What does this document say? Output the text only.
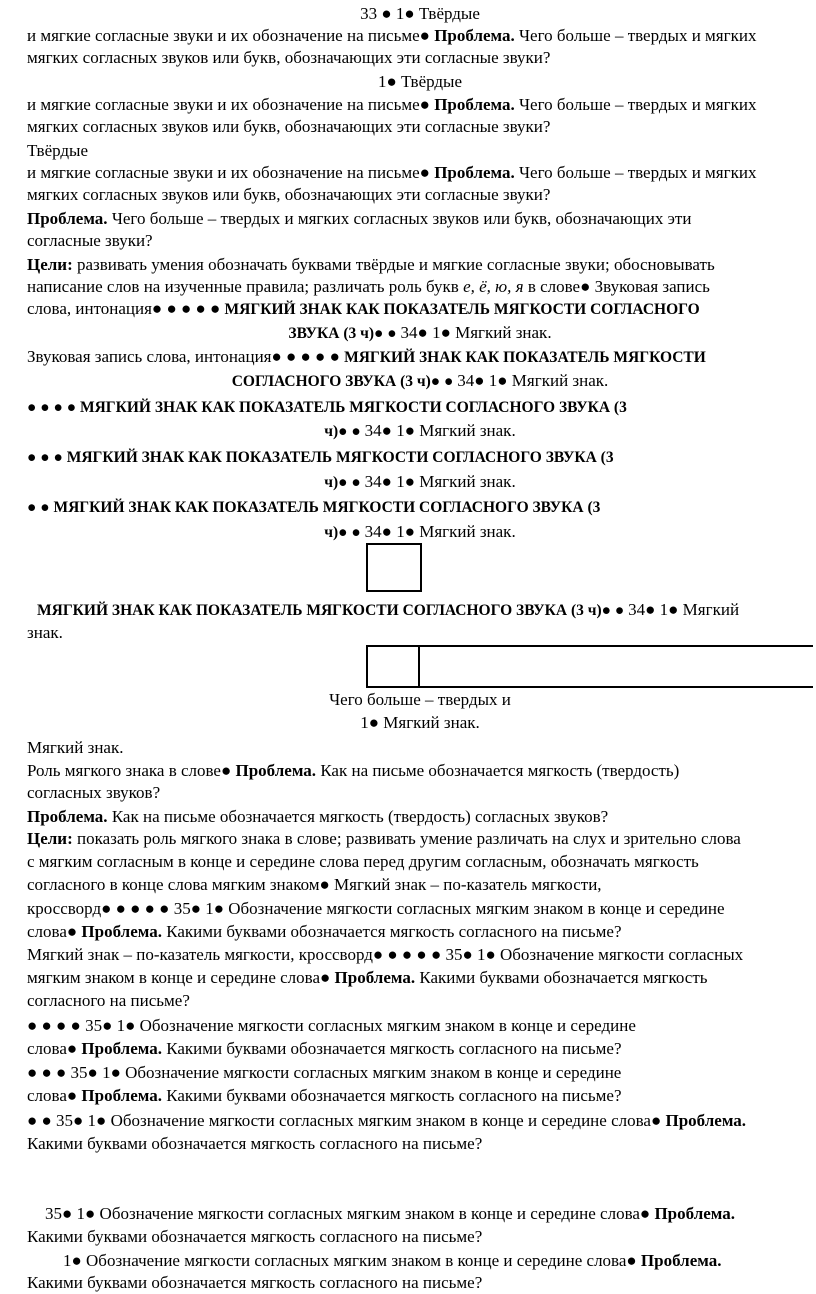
33 ● 1● Твёрдые
и мягкие согласные звуки и их обозначение на письме● Проблема. Чего больше – твердых и мягких
мягких согласных звуков или букв, обозначающих эти согласные звуки?
1● Твёрдые
и мягкие согласные звуки и их обозначение на письме● Проблема. Чего больше – твердых и мягких
мягких согласных звуков или букв, обозначающих эти согласные звуки?
Твёрдые
и мягкие согласные звуки и их обозначение на письме● Проблема. Чего больше – твердых и мягких
мягких согласных звуков или букв, обозначающих эти согласные звуки?
Проблема. Чего больше – твердых и мягких согласных звуков или букв, обозначающих эти
согласные звуки?
Цели: развивать умения обозначать буквами твёрдые и мягкие согласные звуки; обосновывать
написание слов на изученные правила; различать роль букв е, ё, ю, я в слове● Звуковая запись
слова, интонация● ● ● ● ● МЯГКИЙ ЗНАК КАК ПОКАЗАТЕЛЬ МЯГКОСТИ СОГЛАСНОГО
ЗВУКА (3 ч)● ● 34● 1● Мягкий знак.
Звуковая запись слова, интонация● ● ● ● ● МЯГКИЙ ЗНАК КАК ПОКАЗАТЕЛЬ МЯГКОСТИ
СОГЛАСНОГО ЗВУКА (3 ч)● ● 34● 1● Мягкий знак.
● ● ● ● МЯГКИЙ ЗНАК КАК ПОКАЗАТЕЛЬ МЯГКОСТИ СОГЛАСНОГО ЗВУКА (3
ч)● ● 34● 1● Мягкий знак.
● ● ● МЯГКИЙ ЗНАК КАК ПОКАЗАТЕЛЬ МЯГКОСТИ СОГЛАСНОГО ЗВУКА (3
ч)● ● 34● 1● Мягкий знак.
● ● МЯГКИЙ ЗНАК КАК ПОКАЗАТЕЛЬ МЯГКОСТИ СОГЛАСНОГО ЗВУКА (3
ч)● ● 34● 1● Мягкий знак.
МЯГКИЙ ЗНАК КАК ПОКАЗАТЕЛЬ МЯГКОСТИ СОГЛАСНОГО ЗВУКА (3 ч)● ● 34● 1● Мягкий
знак.
Чего больше – твердых и
1● Мягкий знак.
Мягкий знак.
Роль мягкого знака в слове● Проблема. Как на письме обозначается мягкость (твердость)
согласных звуков?
Проблема. Как на письме обозначается мягкость (твердость) согласных звуков?
Цели: показать роль мягкого знака в слове; развивать умение различать на слух и зрительно слова
с мягким согласным в конце и середине слова перед другим согласным, обозначать мягкость
согласного в конце слова мягким знаком● Мягкий знак – по-казатель мягкости,
кроссворд● ● ● ● ● 35● 1● Обозначение мягкости согласных мягким знаком в конце и середине
слова● Проблема. Какими буквами обозначается мягкость согласного на письме?
Мягкий знак – по-казатель мягкости, кроссворд● ● ● ● ● 35● 1● Обозначение мягкости согласных
мягким знаком в конце и середине слова● Проблема. Какими буквами обозначается мягкость
согласного на письме?
● ● ● ● 35● 1● Обозначение мягкости согласных мягким знаком в конце и середине
слова● Проблема. Какими буквами обозначается мягкость согласного на письме?
● ● ● 35● 1● Обозначение мягкости согласных мягким знаком в конце и середине
слова● Проблема. Какими буквами обозначается мягкость согласного на письме?
● ● 35● 1● Обозначение мягкости согласных мягким знаком в конце и середине слова● Проблема.
Какими буквами обозначается мягкость согласного на письме?
35● 1● Обозначение мягкости согласных мягким знаком в конце и середине слова● Проблема.
Какими буквами обозначается мягкость согласного на письме?
1● Обозначение мягкости согласных мягким знаком в конце и середине слова● Проблема.
Какими буквами обозначается мягкость согласного на письме?
